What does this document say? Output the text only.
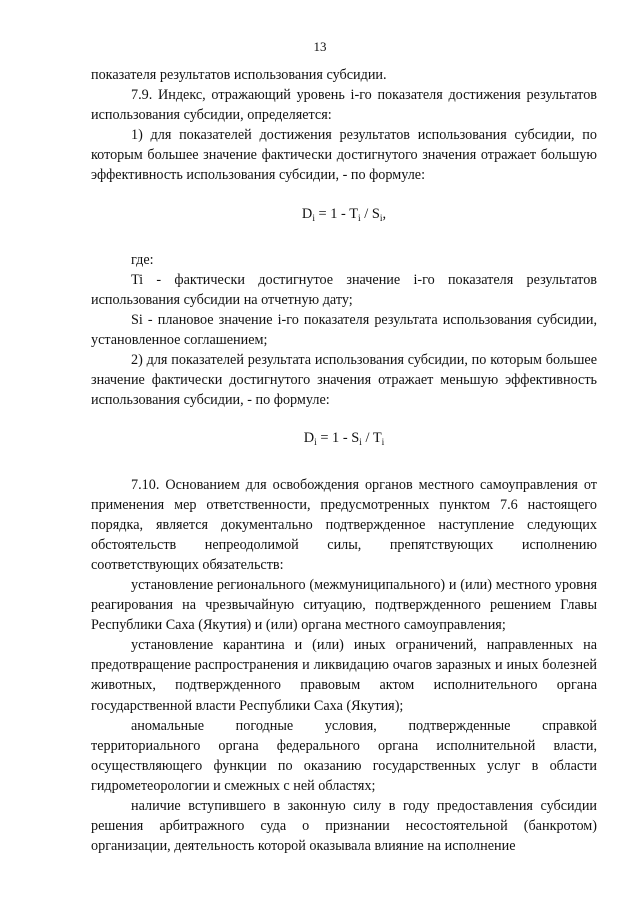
13

показателя результатов использования субсидии.

7.9. Индекс, отражающий уровень i-го показателя достижения результатов использования субсидии, определяется:

1) для показателей достижения результатов использования субсидии, по которым большее значение фактически достигнутого значения отражает большую эффективность использования субсидии, - по формуле:

$D_i = 1 - T_i / S_i$,

где:

Ti - фактически достигнутое значение i-го показателя результатов использования субсидии на отчетную дату;

Si - плановое значение i-го показателя результата использования субсидии, установленное соглашением;

2) для показателей результата использования субсидии, по которым большее значение фактически достигнутого значения отражает меньшую эффективность использования субсидии, - по формуле:

$D_i = 1 - S_i / T_i$

7.10. Основанием для освобождения органов местного самоуправления от применения мер ответственности, предусмотренных пунктом 7.6 настоящего порядка, является документально подтвержденное наступление следующих обстоятельств непреодолимой силы, препятствующих исполнению соответствующих обязательств:

установление регионального (межмуниципального) и (или) местного уровня реагирования на чрезвычайную ситуацию, подтвержденного решением Главы Республики Саха (Якутия) и (или) органа местного самоуправления;

установление карантина и (или) иных ограничений, направленных на предотвращение распространения и ликвидацию очагов заразных и иных болезней животных, подтвержденного правовым актом исполнительного органа государственной власти Республики Саха (Якутия);

аномальные погодные условия, подтвержденные справкой территориального органа федерального органа исполнительной власти, осуществляющего функции по оказанию государственных услуг в области гидрометеорологии и смежных с ней областях;

наличие вступившего в законную силу в году предоставления субсидии решения арбитражного суда о признании несостоятельной (банкротом) организации, деятельность которой оказывала влияние на исполнение
